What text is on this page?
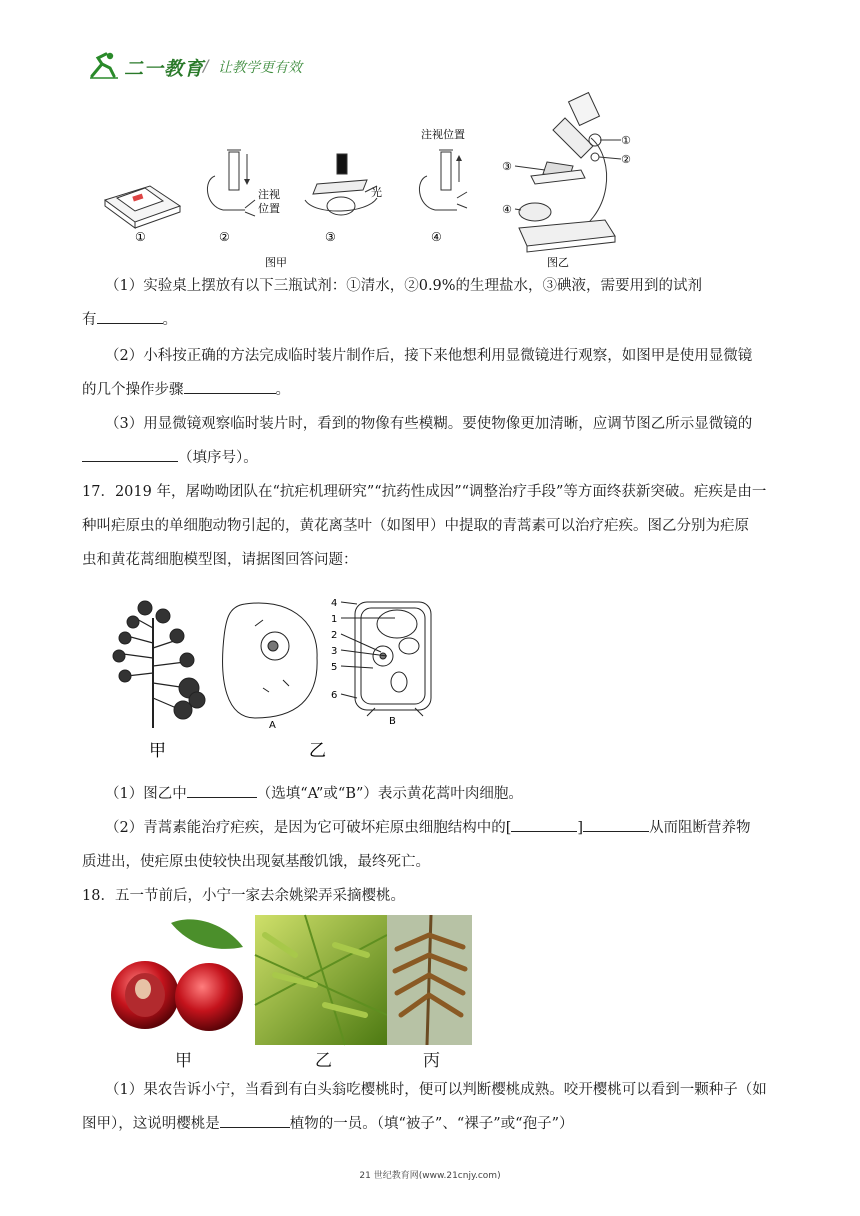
二一教育
/ 让教学更有效
①	②	③	④
注视
位置
光
注视位置
图甲	图乙
①
②
③
④
（1）实验桌上摆放有以下三瓶试剂：①清水，②0.9%的生理盐水，③碘液，需要用到的试剂
有	。
（2）小科按正确的方法完成临时装片制作后，接下来他想利用显微镜进行观察，如图甲是使用显微镜
的几个操作步骤	。
（3）用显微镜观察临时装片时，看到的物像有些模糊。要使物像更加清晰，应调节图乙所示显微镜的
（填序号）。
17．2019 年，屠呦呦团队在“抗疟机理研究”“抗药性成因”“调整治疗手段”等方面终获新突破。疟疾是由一
种叫疟原虫的单细胞动物引起的，黄花离茎叶（如图甲）中提取的青蒿素可以治疗疟疾。图乙分别为疟原
虫和黄花蒿细胞模型图，请据图回答问题：
4
1
2
3
5
6
A	B
甲	乙
（1）图乙中	（选填“A”或“B”）表示黄花蒿叶肉细胞。
（2）青蒿素能治疗疟疾，是因为它可破坏疟原虫细胞结构中的[	]	从而阻断营养物
质进出，使疟原虫使较快出现氨基酸饥饿，最终死亡。
18．五一节前后，小宁一家去余姚梁弄采摘樱桃。
甲	乙	丙
（1）果农告诉小宁，当看到有白头翁吃樱桃时，便可以判断樱桃成熟。咬开樱桃可以看到一颗种子（如
图甲），这说明樱桃是	植物的一员。（填“被子”、“裸子”或“孢子”）
21 世纪教育网(www.21cnjy.com)
